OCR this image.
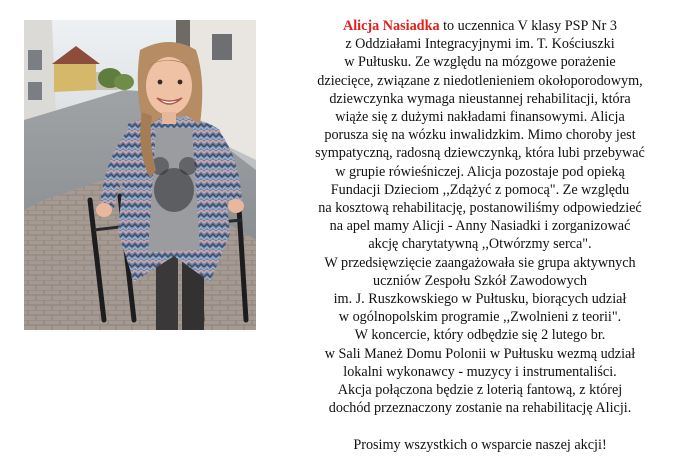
Alicja Nasiadka to uczennica V klasy PSP Nr 3
z Oddziałami Integracyjnymi im. T. Kościuszki
w Pułtusku. Ze względu na mózgowe porażenie
dziecięce, związane z niedotlenieniem okołoporodowym,
dziewczynka wymaga nieustannej rehabilitacji, która
wiąże się z dużymi nakładami finansowymi. Alicja
porusza się na wózku inwalidzkim. Mimo choroby jest
sympatyczną, radosną dziewczynką, która lubi przebywać
w grupie rówieśniczej. Alicja pozostaje pod opieką
Fundacji Dzieciom ,,Zdążyć z pomocą". Ze względu
na kosztową rehabilitację, postanowiliśmy odpowiedzieć
na apel mamy Alicji - Anny Nasiadki i zorganizować
akcję charytatywną ,,Otwórzmy serca".
W przedsięwzięcie zaangażowała sie grupa aktywnych
uczniów Zespołu Szkół Zawodowych
im. J. Ruszkowskiego w Pułtusku, biorących udział
w ogólnopolskim programie ,,Zwolnieni z teorii".
W koncercie, który odbędzie się 2 lutego br.
w Sali Maneż Domu Polonii w Pułtusku wezmą udział
lokalni wykonawcy - muzycy i instrumentaliści.
Akcja połączona będzie z loterią fantową, z której
dochód przeznaczony zostanie na rehabilitację Alicji.
Prosimy wszystkich o wsparcie naszej akcji!
